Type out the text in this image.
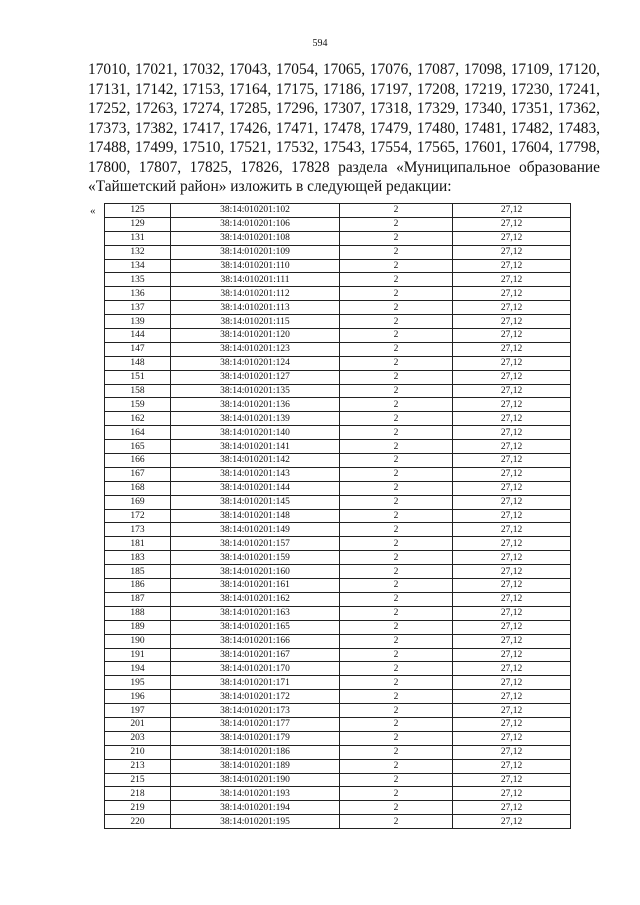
594
17010, 17021, 17032, 17043, 17054, 17065, 17076, 17087, 17098, 17109, 17120,
17131, 17142, 17153, 17164, 17175, 17186, 17197, 17208, 17219, 17230, 17241,
17252, 17263, 17274, 17285, 17296, 17307, 17318, 17329, 17340, 17351, 17362,
17373, 17382, 17417, 17426, 17471, 17478, 17479, 17480, 17481, 17482, 17483,
17488, 17499, 17510, 17521, 17532, 17543, 17554, 17565, 17601, 17604, 17798,
17800, 17807, 17825, 17826, 17828 раздела «Муниципальное образование
«Тайшетский район» изложить в следующей редакции:
«	125	38:14:010201:102	2	27,12
129	38:14:010201:106	2	27,12
131	38:14:010201:108	2	27,12
132	38:14:010201:109	2	27,12
134	38:14:010201:110	2	27,12
135	38:14:010201:111	2	27,12
136	38:14:010201:112	2	27,12
137	38:14:010201:113	2	27,12
139	38:14:010201:115	2	27,12
144	38:14:010201:120	2	27,12
147	38:14:010201:123	2	27,12
148	38:14:010201:124	2	27,12
151	38:14:010201:127	2	27,12
158	38:14:010201:135	2	27,12
159	38:14:010201:136	2	27,12
162	38:14:010201:139	2	27,12
164	38:14:010201:140	2	27,12
165	38:14:010201:141	2	27,12
166	38:14:010201:142	2	27,12
167	38:14:010201:143	2	27,12
168	38:14:010201:144	2	27,12
169	38:14:010201:145	2	27,12
172	38:14:010201:148	2	27,12
173	38:14:010201:149	2	27,12
181	38:14:010201:157	2	27,12
183	38:14:010201:159	2	27,12
185	38:14:010201:160	2	27,12
186	38:14:010201:161	2	27,12
187	38:14:010201:162	2	27,12
188	38:14:010201:163	2	27,12
189	38:14:010201:165	2	27,12
190	38:14:010201:166	2	27,12
191	38:14:010201:167	2	27,12
194	38:14:010201:170	2	27,12
195	38:14:010201:171	2	27,12
196	38:14:010201:172	2	27,12
197	38:14:010201:173	2	27,12
201	38:14:010201:177	2	27,12
203	38:14:010201:179	2	27,12
210	38:14:010201:186	2	27,12
213	38:14:010201:189	2	27,12
215	38:14:010201:190	2	27,12
218	38:14:010201:193	2	27,12
219	38:14:010201:194	2	27,12
220	38:14:010201:195	2	27,12
